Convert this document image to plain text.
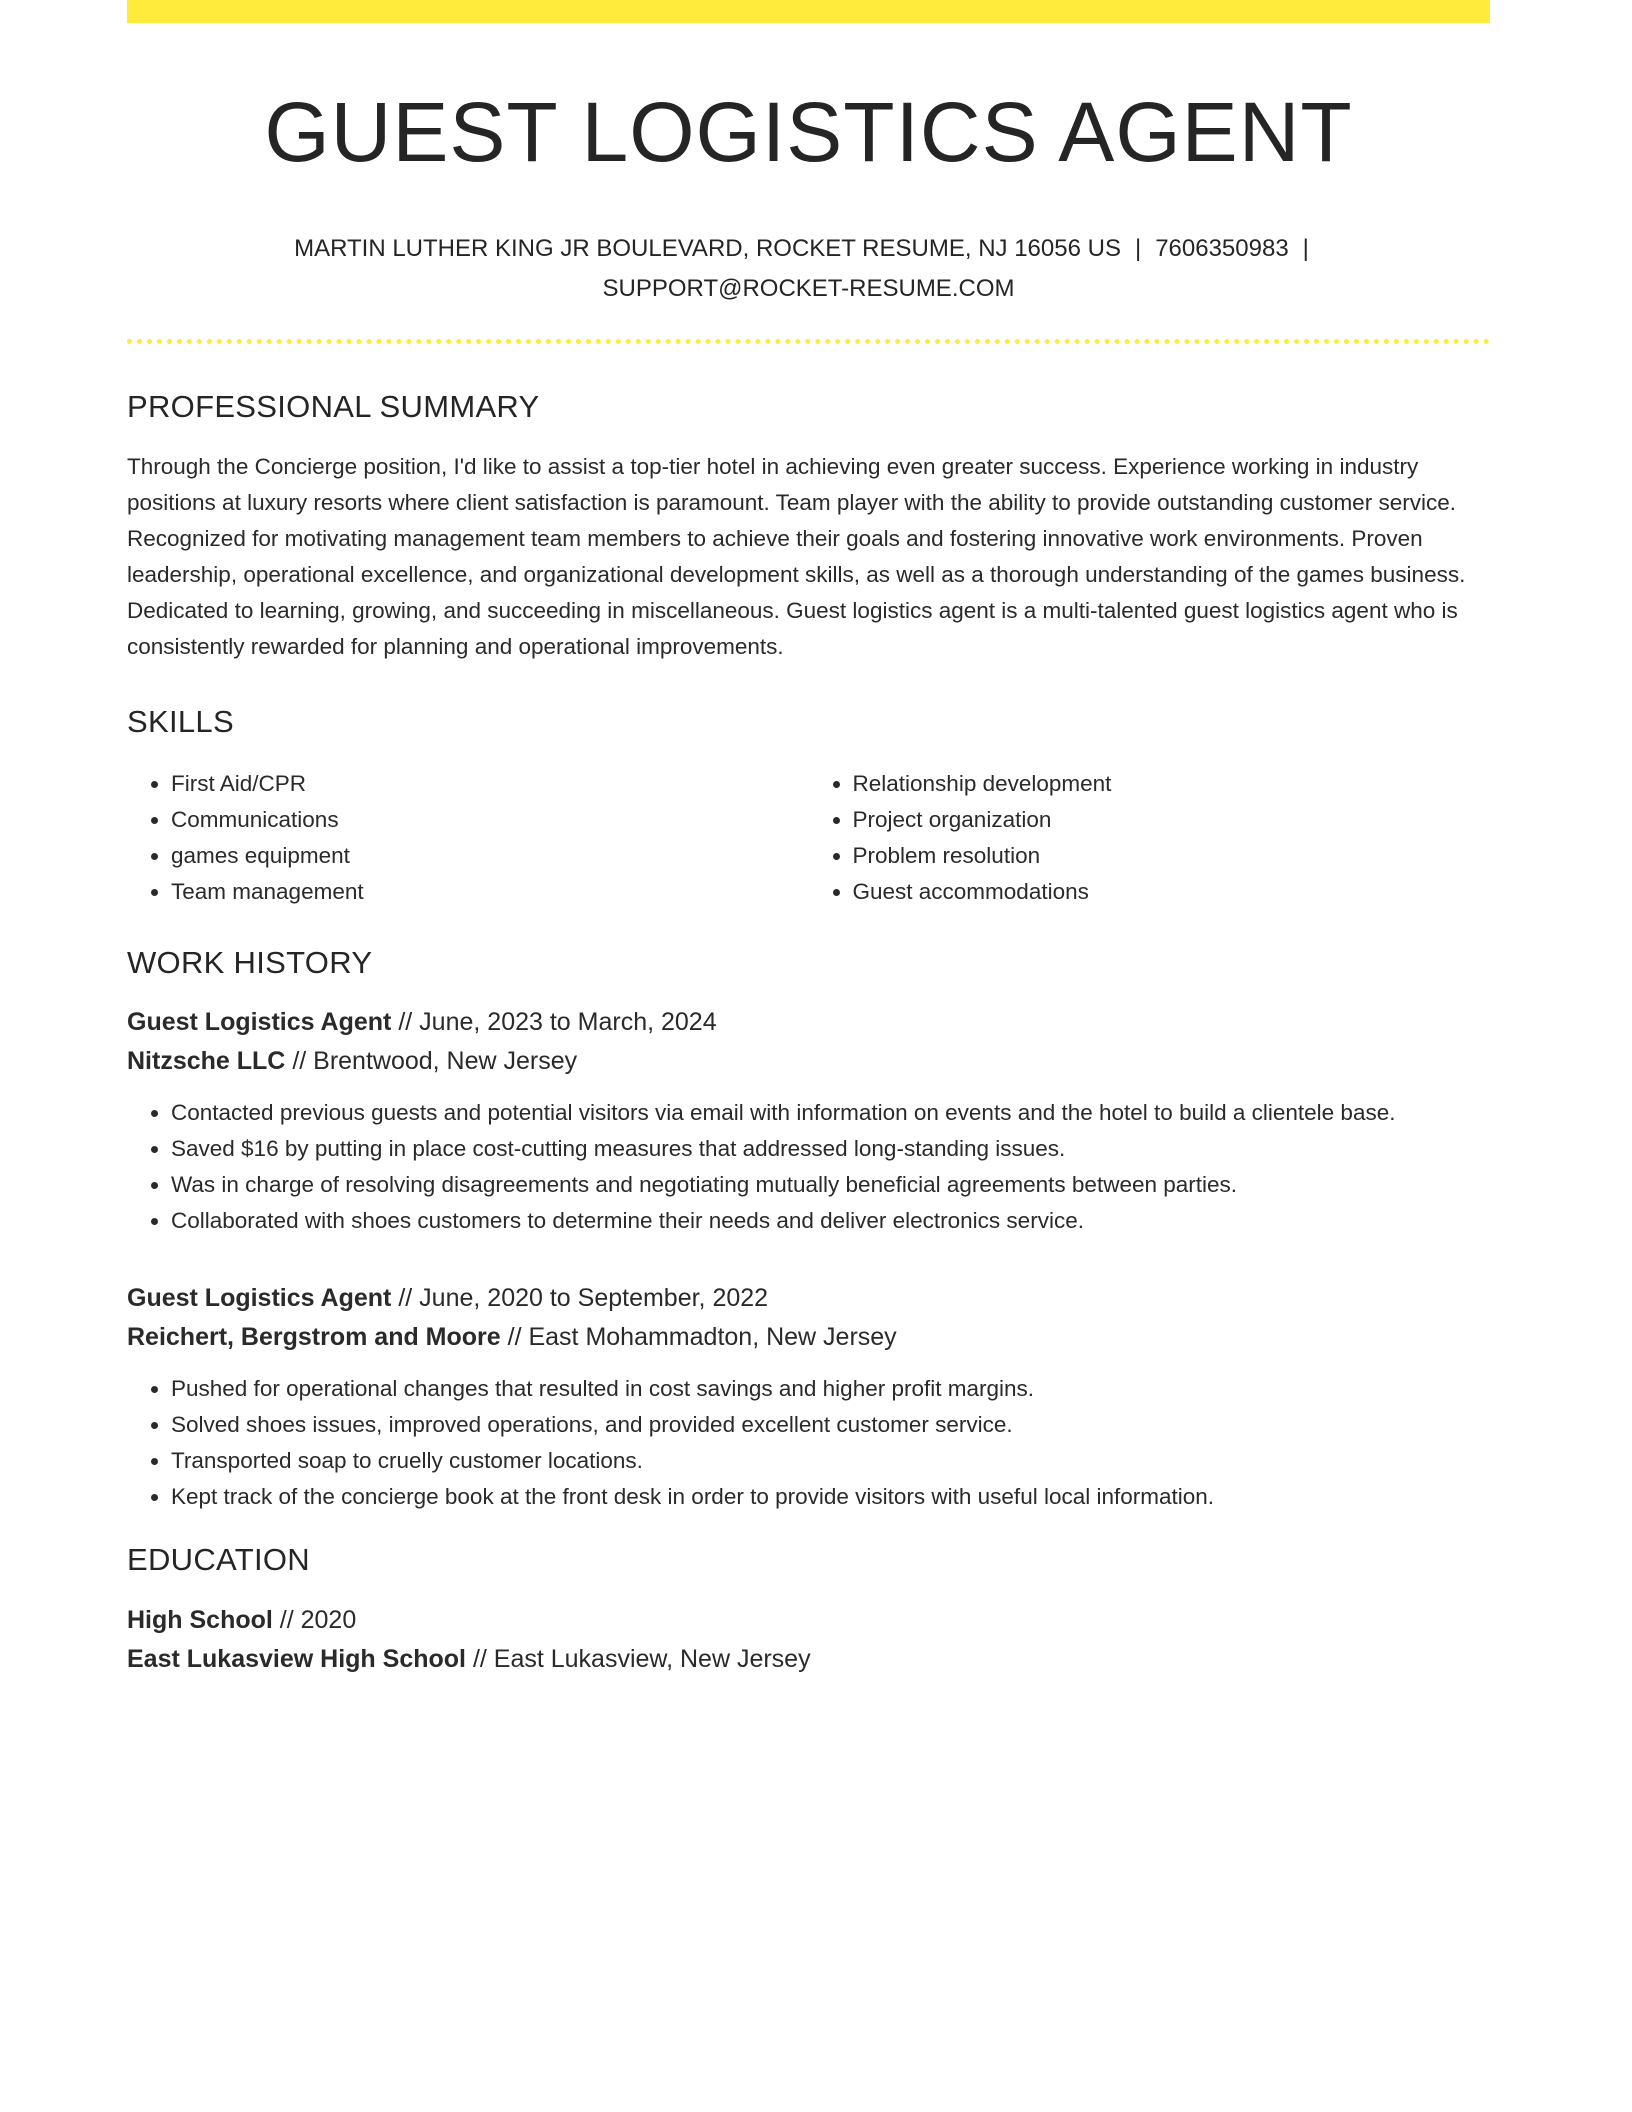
GUEST LOGISTICS AGENT
MARTIN LUTHER KING JR BOULEVARD, ROCKET RESUME, NJ 16056 US | 7606350983 |
SUPPORT@ROCKET-RESUME.COM
PROFESSIONAL SUMMARY
Through the Concierge position, I'd like to assist a top-tier hotel in achieving even greater success. Experience working in industry positions at luxury resorts where client satisfaction is paramount. Team player with the ability to provide outstanding customer service. Recognized for motivating management team members to achieve their goals and fostering innovative work environments. Proven leadership, operational excellence, and organizational development skills, as well as a thorough understanding of the games business. Dedicated to learning, growing, and succeeding in miscellaneous. Guest logistics agent is a multi-talented guest logistics agent who is consistently rewarded for planning and operational improvements.
SKILLS
• First Aid/CPR
• Communications
• games equipment
• Team management
• Relationship development
• Project organization
• Problem resolution
• Guest accommodations
WORK HISTORY
Guest Logistics Agent // June, 2023 to March, 2024
Nitzsche LLC // Brentwood, New Jersey
• Contacted previous guests and potential visitors via email with information on events and the hotel to build a clientele base.
• Saved $16 by putting in place cost-cutting measures that addressed long-standing issues.
• Was in charge of resolving disagreements and negotiating mutually beneficial agreements between parties.
• Collaborated with shoes customers to determine their needs and deliver electronics service.
Guest Logistics Agent // June, 2020 to September, 2022
Reichert, Bergstrom and Moore // East Mohammadton, New Jersey
• Pushed for operational changes that resulted in cost savings and higher profit margins.
• Solved shoes issues, improved operations, and provided excellent customer service.
• Transported soap to cruelly customer locations.
• Kept track of the concierge book at the front desk in order to provide visitors with useful local information.
EDUCATION
High School // 2020
East Lukasview High School // East Lukasview, New Jersey
